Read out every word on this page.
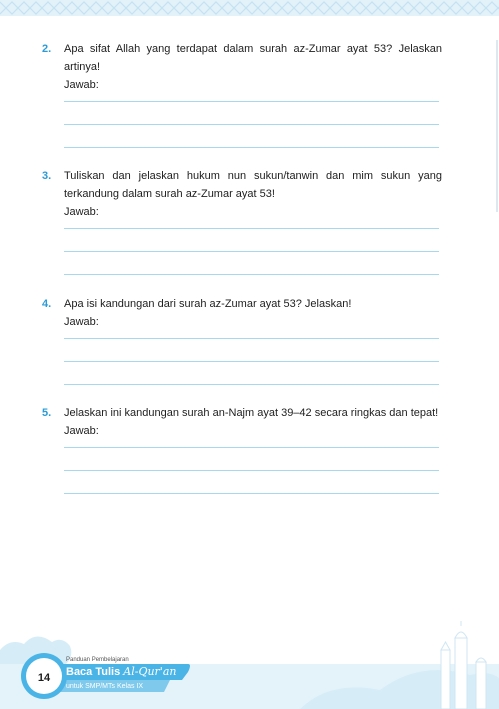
2.	Apa sifat Allah yang terdapat dalam surah az-Zumar ayat 53? Jelaskan artinya!
Jawab:
3.	Tuliskan dan jelaskan hukum nun sukun/tanwin dan mim sukun yang terkandung dalam surah az-Zumar ayat 53!
Jawab:
4.	Apa isi kandungan dari surah az-Zumar ayat 53? Jelaskan!
Jawab:
5.	Jelaskan ini kandungan surah an-Najm ayat 39–42 secara ringkas dan tepat!
Jawab:
14
Panduan Pembelajaran
Baca Tulis Al-Qur'an
untuk SMP/MTs Kelas IX
